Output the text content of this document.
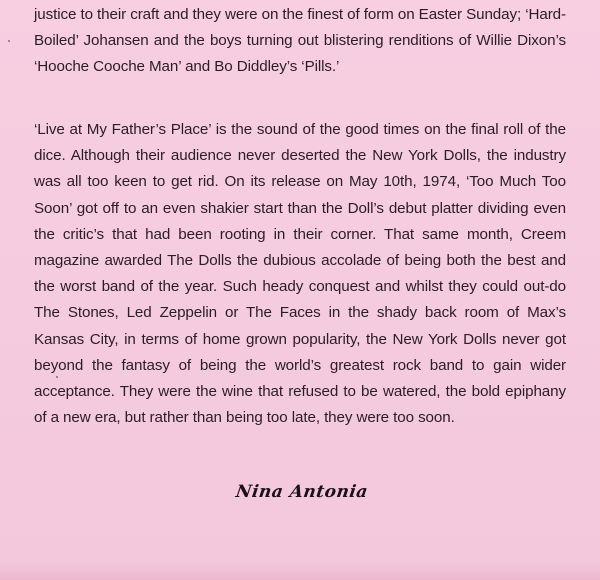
justice to their craft and they were on the finest of form on Easter Sunday; ‘Hard-Boiled’ Johansen and the boys turning out blistering renditions of Willie Dixon’s ‘Hooche Cooche Man’ and Bo Diddley’s ‘Pills.’

‘Live at My Father’s Place’ is the sound of the good times on the final roll of the dice. Although their audience never deserted the New York Dolls, the industry was all too keen to get rid. On its release on May 10th, 1974, ‘Too Much Too Soon’ got off to an even shakier start than the Doll’s debut platter dividing even the critic’s that had been rooting in their corner. That same month, Creem magazine awarded The Dolls the dubious accolade of being both the best and the worst band of the year. Such heady conquest and whilst they could out-do The Stones, Led Zeppelin or The Faces in the shady back room of Max’s Kansas City, in terms of home grown popularity, the New York Dolls never got beyond the fantasy of being the world’s greatest rock band to gain wider acceptance. They were the wine that refused to be watered, the bold epiphany of a new era, but rather than being too late, they were too soon.

Nina Antonia
